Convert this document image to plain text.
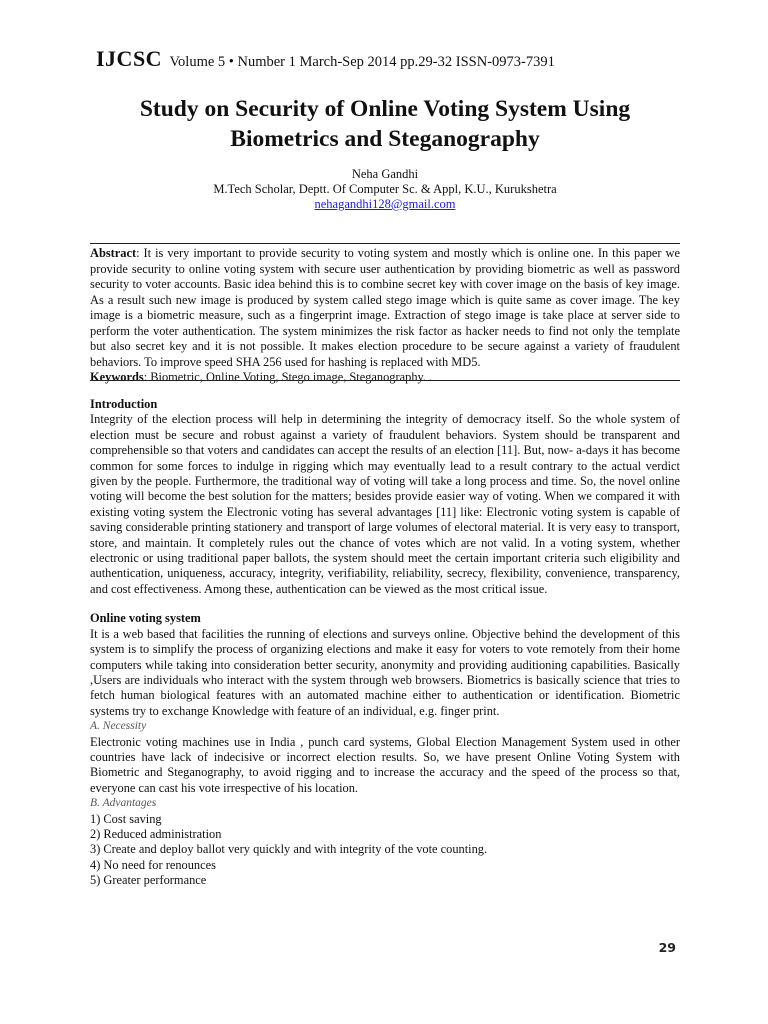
IJCSC Volume 5 • Number 1 March-Sep 2014 pp.29-32 ISSN-0973-7391
Study on Security of Online Voting System Using Biometrics and Steganography
Neha Gandhi
M.Tech Scholar, Deptt. Of Computer Sc. & Appl, K.U., Kurukshetra
nehagandhi128@gmail.com
Abstract: It is very important to provide security to voting system and mostly which is online one. In this paper we provide security to online voting system with secure user authentication by providing biometric as well as password security to voter accounts. Basic idea behind this is to combine secret key with cover image on the basis of key image. As a result such new image is produced by system called stego image which is quite same as cover image. The key image is a biometric measure, such as a fingerprint image. Extraction of stego image is take place at server side to perform the voter authentication. The system minimizes the risk factor as hacker needs to find not only the template but also secret key and it is not possible. It makes election procedure to be secure against a variety of fraudulent behaviors. To improve speed SHA 256 used for hashing is replaced with MD5.
Keywords: Biometric, Online Voting, Stego image, Steganography. .

Introduction

Integrity of the election process will help in determining the integrity of democracy itself. So the whole system of election must be secure and robust against a variety of fraudulent behaviors. System should be transparent and comprehensible so that voters and candidates can accept the results of an election [11]. But, now- a-days it has become common for some forces to indulge in rigging which may eventually lead to a result contrary to the actual verdict given by the people. Furthermore, the traditional way of voting will take a long process and time. So, the novel online voting will become the best solution for the matters; besides provide easier way of voting. When we compared it with existing voting system the Electronic voting has several advantages [11] like: Electronic voting system is capable of saving considerable printing stationery and transport of large volumes of electoral material. It is very easy to transport, store, and maintain. It completely rules out the chance of votes which are not valid. In a voting system, whether electronic or using traditional paper ballots, the system should meet the certain important criteria such eligibility and authentication, uniqueness, accuracy, integrity, verifiability, reliability, secrecy, flexibility, convenience, transparency, and cost effectiveness. Among these, authentication can be viewed as the most critical issue.

Online voting system

It is a web based that facilities the running of elections and surveys online. Objective behind the development of this system is to simplify the process of organizing elections and make it easy for voters to vote remotely from their home computers while taking into consideration better security, anonymity and providing auditioning capabilities. Basically ,Users are individuals who interact with the system through web browsers. Biometrics is basically science that tries to fetch human biological features with an automated machine either to authentication or identification. Biometric systems try to exchange Knowledge with feature of an individual, e.g. finger print.

A. Necessity

Electronic voting machines use in India , punch card systems, Global Election Management System used in other countries have lack of indecisive or incorrect election results. So, we have present Online Voting System with Biometric and Steganography, to avoid rigging and to increase the accuracy and the speed of the process so that, everyone can cast his vote irrespective of his location.

B. Advantages

1) Cost saving
2) Reduced administration
3) Create and deploy ballot very quickly and with integrity of the vote counting.
4) No need for renounces
5) Greater performance
29
